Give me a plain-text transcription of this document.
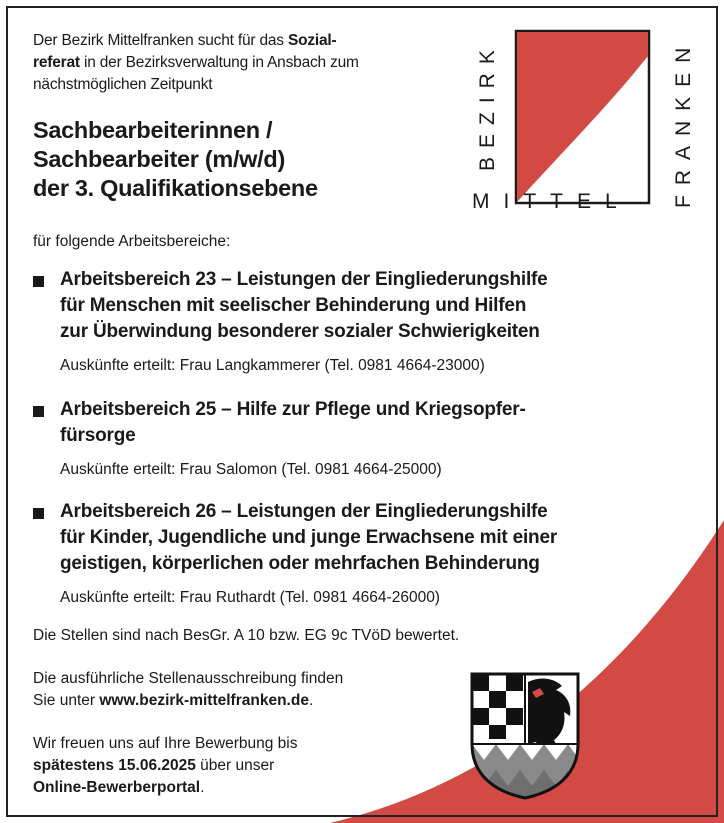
BEZIRK
MITTEL FRANKEN
Der Bezirk Mittelfranken sucht für das Sozial-
referat in der Bezirksverwaltung in Ansbach zum
nächstmöglichen Zeitpunkt
Sachbearbeiterinnen /
Sachbearbeiter (m/w/d)
der 3. Qualifikationsebene
für folgende Arbeitsbereiche:
Arbeitsbereich 23 – Leistungen der Eingliederungshilfe
für Menschen mit seelischer Behinderung und Hilfen
zur Überwindung besonderer sozialer Schwierigkeiten
Auskünfte erteilt: Frau Langkammerer (Tel. 0981 4664-23000)
Arbeitsbereich 25 – Hilfe zur Pflege und Kriegsopfer-
fürsorge
Auskünfte erteilt: Frau Salomon (Tel. 0981 4664-25000)
Arbeitsbereich 26 – Leistungen der Eingliederungshilfe
für Kinder, Jugendliche und junge Erwachsene mit einer
geistigen, körperlichen oder mehrfachen Behinderung
Auskünfte erteilt: Frau Ruthardt (Tel. 0981 4664-26000)
Die Stellen sind nach BesGr. A 10 bzw. EG 9c TVöD bewertet.
Die ausführliche Stellenausschreibung finden
Sie unter www.bezirk-mittelfranken.de.
Wir freuen uns auf Ihre Bewerbung bis
spätestens 15.06.2025 über unser
Online-Bewerberportal.
